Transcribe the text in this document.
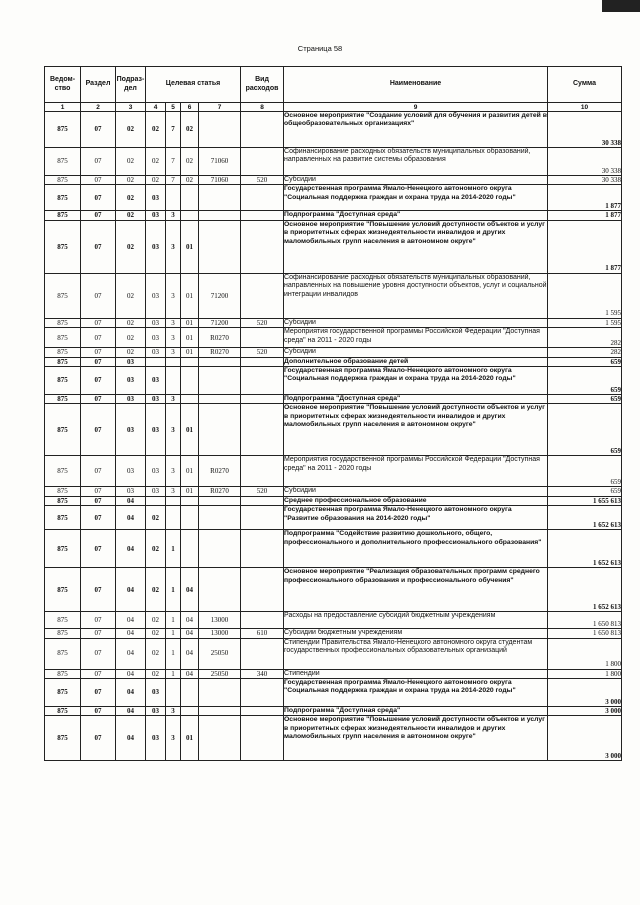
Страница 58
Ведом-ство	Раздел	Подраз-дел	Целевая статья				Вид расходов	Наименование	Сумма
1	2	3	4	5	6	7	8	9	10
875	07	02	02	7	02			Основное мероприятие "Создание условий для обучения и развития детей в общеобразовательных организациях"	30 338
875	07	02	02	7	02	71060		Софинансирование расходных обязательств муниципальных образований, направленных на развитие системы образования	30 338
875	07	02	02	7	02	71060	520	Субсидии	30 338
875	07	02	03					Государственная программа Ямало-Ненецкого автономного округа "Социальная поддержка граждан и охрана труда на 2014-2020 годы"	1 877
875	07	02	03	3				Подпрограмма "Доступная среда"	1 877
875	07	02	03	3	01			Основное мероприятие "Повышение условий доступности объектов и услуг в приоритетных сферах жизнедеятельности инвалидов и других маломобильных групп населения в автономном округе"	1 877
875	07	02	03	3	01	71200		Софинансирование расходных обязательств муниципальных образований, направленных на повышение уровня доступности объектов, услуг и социальной интеграции инвалидов	1 595
875	07	02	03	3	01	71200	520	Субсидии	1 595
875	07	02	03	3	01	R0270		Мероприятия государственной программы Российской Федерации "Доступная среда" на 2011 - 2020 годы	282
875	07	02	03	3	01	R0270	520	Субсидии	282
875	07	03						Дополнительное образование детей	659
875	07	03	03					Государственная программа Ямало-Ненецкого автономного округа "Социальная поддержка граждан и охрана труда на 2014-2020 годы"	659
875	07	03	03	3				Подпрограмма "Доступная среда"	659
875	07	03	03	3	01			Основное мероприятие "Повышение условий доступности объектов и услуг в приоритетных сферах жизнедеятельности инвалидов и других маломобильных групп населения в автономном округе"	659
875	07	03	03	3	01	R0270		Мероприятия государственной программы Российской Федерации "Доступная среда" на 2011 - 2020 годы	659
875	07	03	03	3	01	R0270	520	Субсидии	659
875	07	04						Среднее профессиональное образование	1 655 613
875	07	04	02					Государственная программа Ямало-Ненецкого автономного округа "Развитие образования на 2014-2020 годы"	1 652 613
875	07	04	02	1				Подпрограмма "Содействие развитию дошкольного, общего, профессионального и дополнительного профессионального образования"	1 652 613
875	07	04	02	1	04			Основное мероприятие "Реализация образовательных программ среднего профессионального образования и профессионального обучения"	1 652 613
875	07	04	02	1	04	13000		Расходы на предоставление субсидий бюджетным учреждениям	1 650 813
875	07	04	02	1	04	13000	610	Субсидии бюджетным учреждениям	1 650 813
875	07	04	02	1	04	25050		Стипендии Правительства Ямало-Ненецкого автономного округа студентам государственных профессиональных образовательных организаций	1 800
875	07	04	02	1	04	25050	340	Стипендии	1 800
875	07	04	03					Государственная программа Ямало-Ненецкого автономного округа "Социальная поддержка граждан и охрана труда на 2014-2020 годы"	3 000
875	07	04	03	3				Подпрограмма "Доступная среда"	3 000
875	07	04	03	3	01			Основное мероприятие "Повышение условий доступности объектов и услуг в приоритетных сферах жизнедеятельности инвалидов и других маломобильных групп населения в автономном округе"	3 000
